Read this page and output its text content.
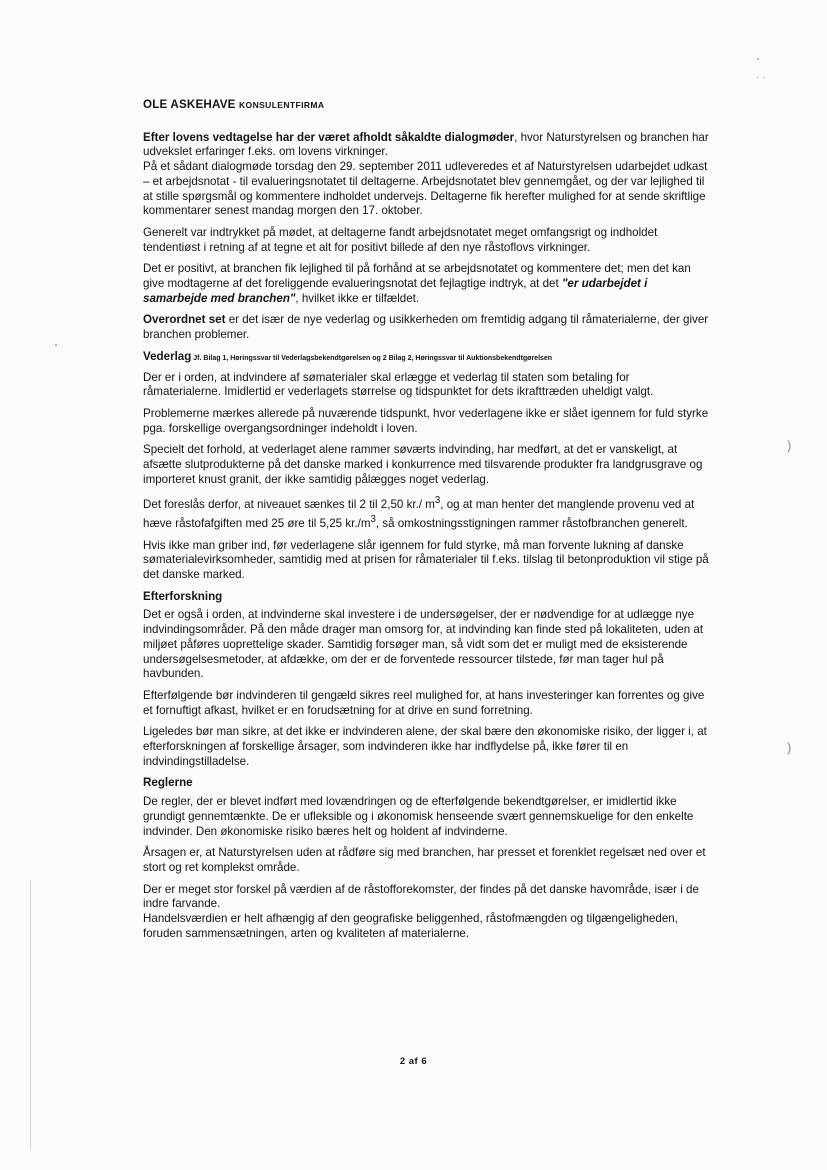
· ·
)
)
OLE ASKEHAVE KONSULENTFIRMA

Efter lovens vedtagelse har der været afholdt såkaldte dialogmøder, hvor Naturstyrelsen og branchen har udvekslet erfaringer f.eks. om lovens virkninger.

På et sådant dialogmøde torsdag den 29. september 2011 udleveredes et af Naturstyrelsen udarbejdet udkast – et arbejdsnotat - til evalueringsnotatet til deltagerne. Arbejdsnotatet blev gennemgået, og der var lejlighed til at stille spørgsmål og kommentere indholdet undervejs. Deltagerne fik herefter mulighed for at sende skriftlige kommentarer senest mandag morgen den 17. oktober.

Generelt var indtrykket på mødet, at deltagerne fandt arbejdsnotatet meget omfangsrigt og indholdet tendentiøst i retning af at tegne et alt for positivt billede af den nye råstoflovs virkninger.

Det er positivt, at branchen fik lejlighed til på forhånd at se arbejdsnotatet og kommentere det; men det kan give modtagerne af det foreliggende evalueringsnotat det fejlagtige indtryk, at det "er udarbejdet i samarbejde med branchen", hvilket ikke er tilfældet.

Overordnet set er det især de nye vederlag og usikkerheden om fremtidig adgang til råmaterialerne, der giver branchen problemer.

Vederlag Jf. Bilag 1, Høringssvar til Vederlagsbekendtgørelsen og 2 Bilag 2, Høringssvar til Auktionsbekendtgørelsen

Der er i orden, at indvindere af sømaterialer skal erlægge et vederlag til staten som betaling for råmaterialerne. Imidlertid er vederlagets størrelse og tidspunktet for dets ikrafttræden uheldigt valgt.

Problemerne mærkes allerede på nuværende tidspunkt, hvor vederlagene ikke er slået igennem for fuld styrke pga. forskellige overgangsordninger indeholdt i loven.

Specielt det forhold, at vederlaget alene rammer søværts indvinding, har medført, at det er vanskeligt, at afsætte slutprodukterne på det danske marked i konkurrence med tilsvarende produkter fra landgrusgrave og importeret knust granit, der ikke samtidig pålægges noget vederlag.

Det foreslås derfor, at niveauet sænkes til 2 til 2,50 kr./ $m^3$, og at man henter det manglende provenu ved at hæve råstofafgiften med 25 øre til 5,25 $kr./m^3$, så omkostningsstigningen rammer råstofbranchen generelt.

Hvis ikke man griber ind, før vederlagene slår igennem for fuld styrke, må man forvente lukning af danske sømaterialevirksomheder, samtidig med at prisen for råmaterialer til f.eks. tilslag til betonproduktion vil stige på det danske marked.

Efterforskning

Det er også i orden, at indvinderne skal investere i de undersøgelser, der er nødvendige for at udlægge nye indvindingsområder. På den måde drager man omsorg for, at indvinding kan finde sted på lokaliteten, uden at miljøet påføres uoprettelige skader. Samtidig forsøger man, så vidt som det er muligt med de eksisterende undersøgelsesmetoder, at afdække, om der er de forventede ressourcer tilstede, før man tager hul på havbunden.

Efterfølgende bør indvinderen til gengæld sikres reel mulighed for, at hans investeringer kan forrentes og give et fornuftigt afkast, hvilket er en forudsætning for at drive en sund forretning.

Ligeledes bør man sikre, at det ikke er indvinderen alene, der skal bære den økonomiske risiko, der ligger i, at efterforskningen af forskellige årsager, som indvinderen ikke har indflydelse på, ikke fører til en indvindingstilladelse.

Reglerne

De regler, der er blevet indført med lovændringen og de efterfølgende bekendtgørelser, er imidlertid ikke grundigt gennemtænkte. De er ufleksible og i økonomisk henseende svært gennemskuelige for den enkelte indvinder. Den økonomiske risiko bæres helt og holdent af indvinderne.

Årsagen er, at Naturstyrelsen uden at rådføre sig med branchen, har presset et forenklet regelsæt ned over et stort og ret komplekst område.

Der er meget stor forskel på værdien af de råstofforekomster, der findes på det danske havområde, især i de indre farvande.

Handelsværdien er helt afhængig af den geografiske beliggenhed, råstofmængden og tilgængeligheden, foruden sammensætningen, arten og kvaliteten af materialerne.

2 af 6
